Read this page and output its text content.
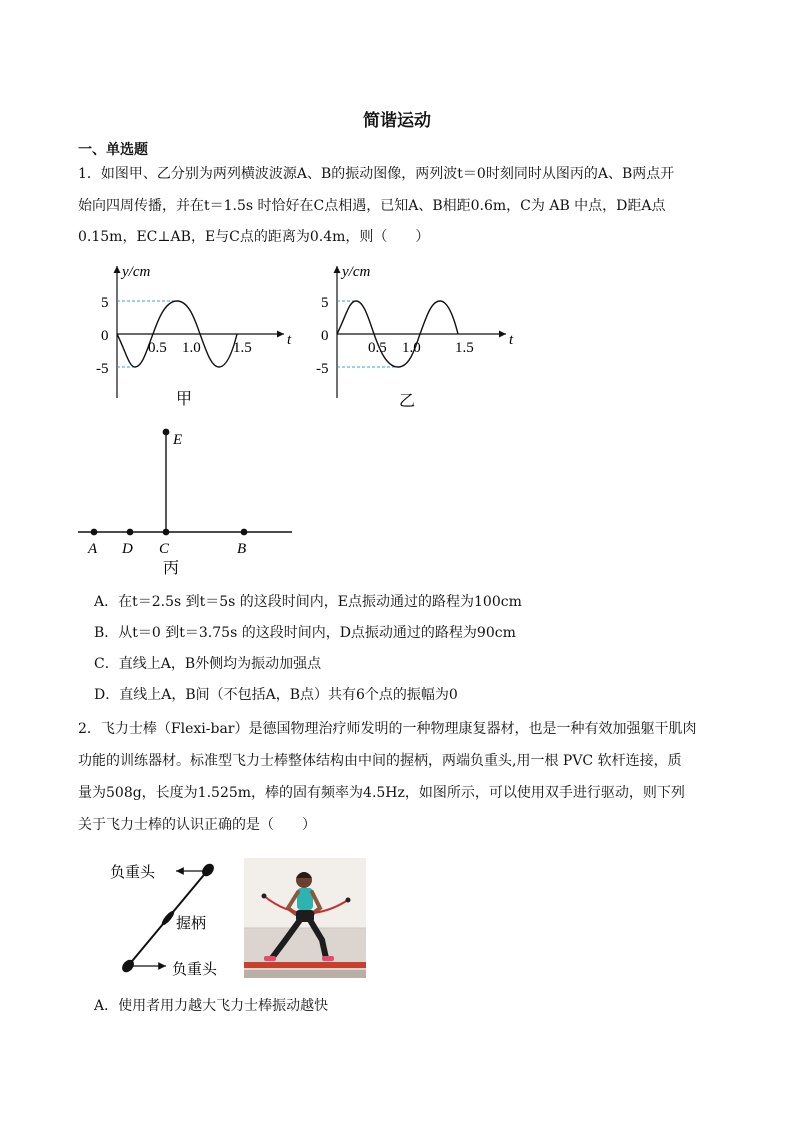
简谐运动
一、单选题
1．如图甲、乙分别为两列横波波源A、B的振动图像，两列波t＝0时刻同时从图丙的A、B两点开
始向四周传播，并在t＝1.5s 时恰好在C点相遇，已知A、B相距0.6m，C为 AB 中点，D距A点
0.15m，EC⊥AB，E与C点的距离为0.4m，则（　　）
y/cm
5
0
-5
0.5 1.0 1.5 t
甲
y/cm
5
0
-5
0.5 1.0 1.5 t
乙
A D C	B
E
丙
A．在t＝2.5s 到t＝5s 的这段时间内，E点振动通过的路程为100cm
B．从t＝0 到t＝3.75s 的这段时间内，D点振动通过的路程为90cm
C．直线上A，B外侧均为振动加强点
D．直线上A，B间（不包括A，B点）共有6个点的振幅为0
2．飞力士棒（Flexi-bar）是德国物理治疗师发明的一种物理康复器材，也是一种有效加强躯干肌肉
功能的训练器材。标准型飞力士棒整体结构由中间的握柄，两端负重头,用一根 PVC 软杆连接，质
量为508g，长度为1.525m，棒的固有频率为4.5Hz，如图所示，可以使用双手进行驱动，则下列
关于飞力士棒的认识正确的是（　　）
负重头
握柄
负重头
A．使用者用力越大飞力士棒振动越快
